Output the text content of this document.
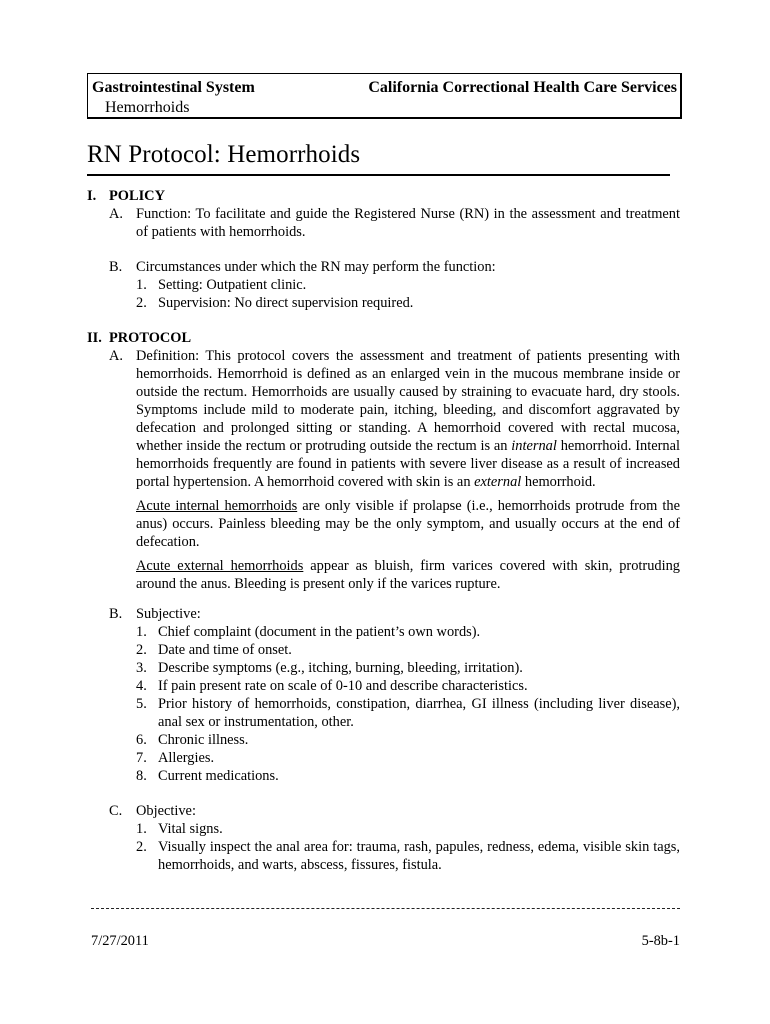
Gastrointestinal System
Hemorrhoids
California Correctional Health Care Services
RN Protocol: Hemorrhoids
I. POLICY
A. Function: To facilitate and guide the Registered Nurse (RN) in the assessment and treatment of patients with hemorrhoids.
B. Circumstances under which the RN may perform the function:
1. Setting: Outpatient clinic.
2. Supervision: No direct supervision required.
II. PROTOCOL
A. Definition: This protocol covers the assessment and treatment of patients presenting with hemorrhoids. Hemorrhoid is defined as an enlarged vein in the mucous membrane inside or outside the rectum. Hemorrhoids are usually caused by straining to evacuate hard, dry stools. Symptoms include mild to moderate pain, itching, bleeding, and discomfort aggravated by defecation and prolonged sitting or standing. A hemorrhoid covered with rectal mucosa, whether inside the rectum or protruding outside the rectum is an internal hemorrhoid. Internal hemorrhoids frequently are found in patients with severe liver disease as a result of increased portal hypertension. A hemorrhoid covered with skin is an external hemorrhoid.
Acute internal hemorrhoids are only visible if prolapse (i.e., hemorrhoids protrude from the anus) occurs. Painless bleeding may be the only symptom, and usually occurs at the end of defecation.
Acute external hemorrhoids appear as bluish, firm varices covered with skin, protruding around the anus. Bleeding is present only if the varices rupture.
B. Subjective:
1. Chief complaint (document in the patient’s own words).
2. Date and time of onset.
3. Describe symptoms (e.g., itching, burning, bleeding, irritation).
4. If pain present rate on scale of 0-10 and describe characteristics.
5. Prior history of hemorrhoids, constipation, diarrhea, GI illness (including liver disease), anal sex or instrumentation, other.
6. Chronic illness.
7. Allergies.
8. Current medications.
C. Objective:
1. Vital signs.
2. Visually inspect the anal area for: trauma, rash, papules, redness, edema, visible skin tags, hemorrhoids, and warts, abscess, fissures, fistula.
7/27/2011	5-8b-1
